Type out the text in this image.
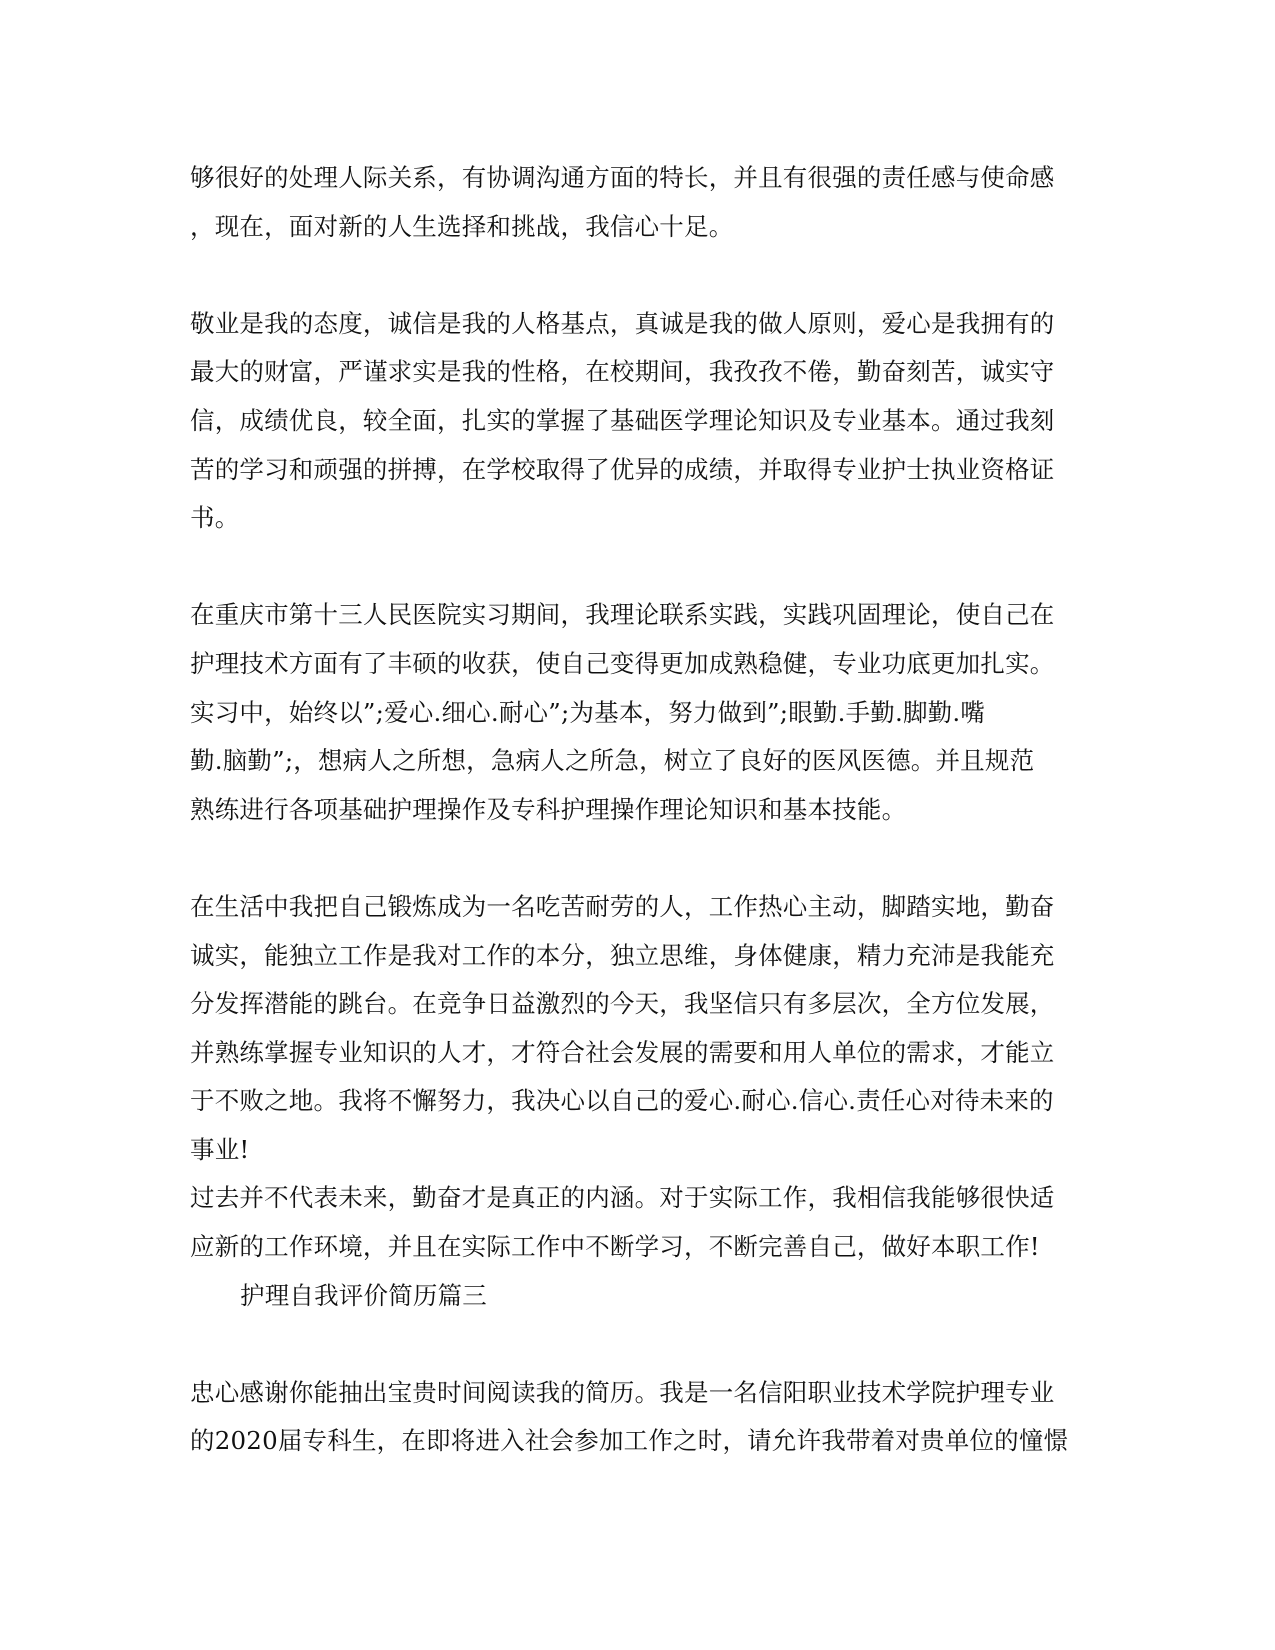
够很好的处理人际关系，有协调沟通方面的特长，并且有很强的责任感与使命感
，现在，面对新的人生选择和挑战，我信心十足。

敬业是我的态度，诚信是我的人格基点，真诚是我的做人原则，爱心是我拥有的
最大的财富，严谨求实是我的性格，在校期间，我孜孜不倦，勤奋刻苦，诚实守
信，成绩优良，较全面，扎实的掌握了基础医学理论知识及专业基本。通过我刻
苦的学习和顽强的拼搏，在学校取得了优异的成绩，并取得专业护士执业资格证
书。

在重庆市第十三人民医院实习期间，我理论联系实践，实践巩固理论，使自己在
护理技术方面有了丰硕的收获，使自己变得更加成熟稳健，专业功底更加扎实。
实习中，始终以”;爱心.细心.耐心”;为基本，努力做到”;眼勤.手勤.脚勤.嘴
勤.脑勤”;，想病人之所想，急病人之所急，树立了良好的医风医德。并且规范
熟练进行各项基础护理操作及专科护理操作理论知识和基本技能。

在生活中我把自己锻炼成为一名吃苦耐劳的人，工作热心主动，脚踏实地，勤奋
诚实，能独立工作是我对工作的本分，独立思维，身体健康，精力充沛是我能充
分发挥潜能的跳台。在竞争日益激烈的今天，我坚信只有多层次，全方位发展，
并熟练掌握专业知识的人才，才符合社会发展的需要和用人单位的需求，才能立
于不败之地。我将不懈努力，我决心以自己的爱心.耐心.信心.责任心对待未来的
事业!
过去并不代表未来，勤奋才是真正的内涵。对于实际工作，我相信我能够很快适
应新的工作环境，并且在实际工作中不断学习，不断完善自己，做好本职工作!

护理自我评价简历篇三

忠心感谢你能抽出宝贵时间阅读我的简历。我是一名信阳职业技术学院护理专业
的2020届专科生，在即将进入社会参加工作之时，请允许我带着对贵单位的憧憬
